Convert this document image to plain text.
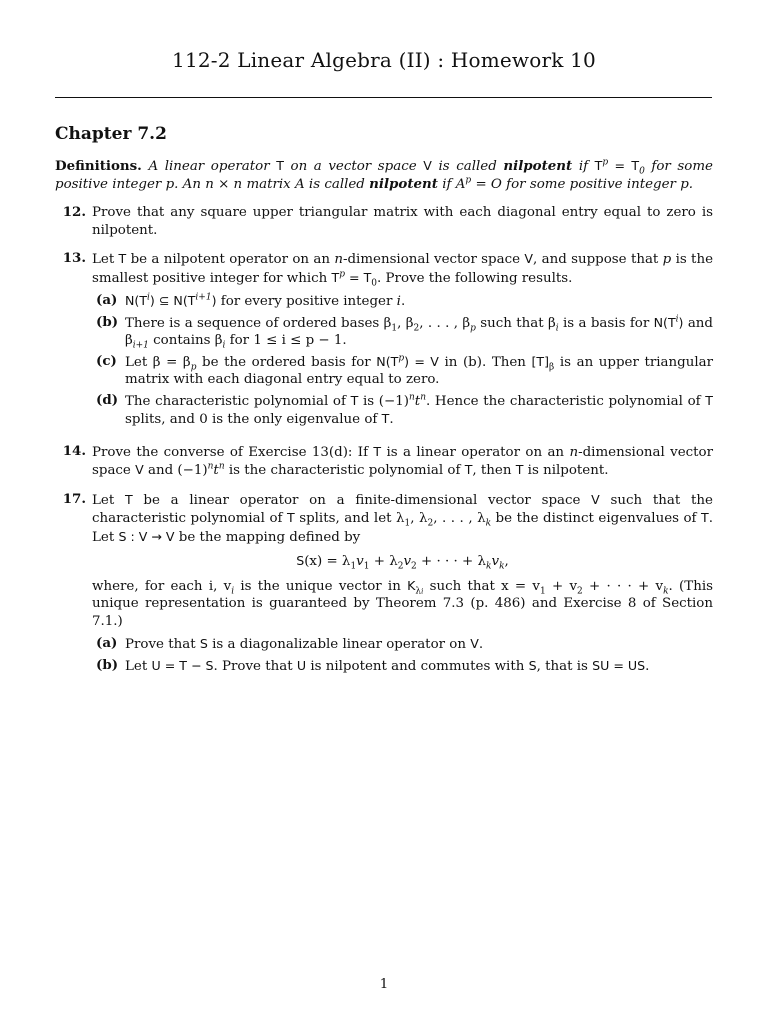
112-2 Linear Algebra (II) : Homework 10
Chapter 7.2

Definitions. A linear operator T on a vector space V is called nilpotent if $T^p = T_0$ for some positive integer p. An n × n matrix A is called nilpotent if $A^p = O$ for some positive integer p.

12. Prove that any square upper triangular matrix with each diagonal entry equal to zero is nilpotent.
13. Let T be a nilpotent operator on an n-dimensional vector space V, and suppose that p is the smallest positive integer for which $T^p = T_0$. Prove the following results.
(a) $N(T^i)$ ⊆ $N(T^{i+1})$ for every positive integer i.
(b) There is a sequence of ordered bases $\beta_1$, $\beta_2$, . . . , $\beta_p$ such that $\beta_i$ is a basis for $N(T^i)$ and $\beta_{i+1}$ contains $\beta_i$ for 1 ≤ i ≤ p − 1.
(c) Let $\beta = \beta_p$ be the ordered basis for $N(T^p) = V$ in (b). Then $[T]_\beta$ is an upper triangular matrix with each diagonal entry equal to zero.
(d) The characteristic polynomial of T is $(-1)^nt^n$. Hence the characteristic polynomial of T splits, and 0 is the only eigenvalue of T.
14. Prove the converse of Exercise 13(d): If T is a linear operator on an n-dimensional vector space V and $(-1)^nt^n$ is the characteristic polynomial of T, then T is nilpotent.
17. Let T be a linear operator on a finite-dimensional vector space V such that the characteristic polynomial of T splits, and let $\lambda_1$, $\lambda_2$, . . . , $\lambda_k$ be the distinct eigenvalues of T. Let S : V → V be the mapping defined by
$S(x) = \lambda_1v_1 + \lambda_2v_2$ + · · · + $\lambda_kv_k$,
where, for each i, $v_i$ is the unique vector in $K_{\lambda i}$ such that $x = v_1 + v_2$ + · · · + $v_k$. (This unique representation is guaranteed by Theorem 7.3 (p. 486) and Exercise 8 of Section 7.1.)
(a) Prove that S is a diagonalizable linear operator on V.
(b) Let U = T − S. Prove that U is nilpotent and commutes with S, that is SU = US.
1
